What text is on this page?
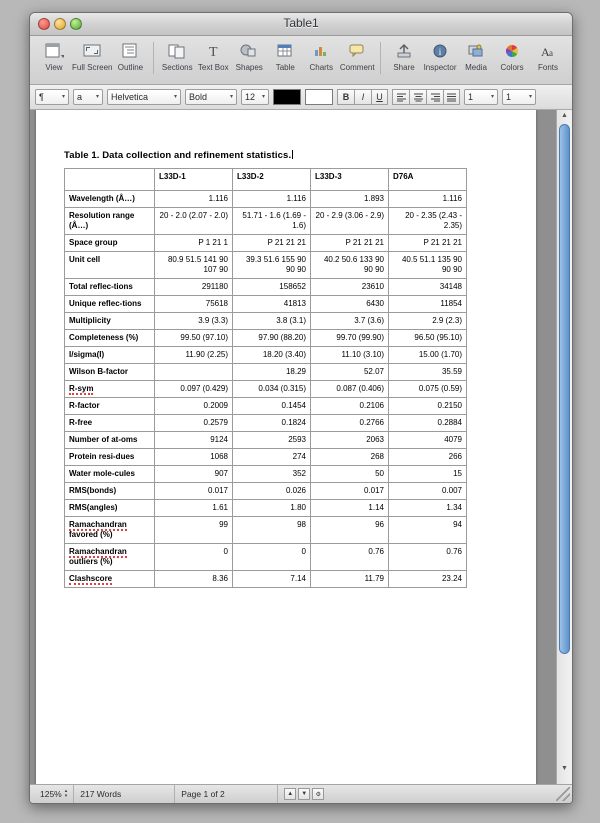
Table1
View Full Screen Outline Sections
T
Text Box Shapes Table Charts Comment Share
i
Inspector Media Colors
A a
Fonts
¶	▾ a	▾ Helvetica	▾ Bold	▾ 12	▾	B	I	U	1	▾ 1	▾
Table 1. Data collection and refinement statistics.
	L33D-1	L33D-2	L33D-3	D76A
Wavelength (Å…)	1.116	1.116	1.893	1.116
Resolution range (Å…)	20 - 2.0 (2.07 - 2.0)	51.71 - 1.6 (1.69 - 1.6)	20 - 2.9 (3.06 - 2.9)	20 - 2.35 (2.43 - 2.35)
Space group	P 1 21 1	P 21 21 21	P 21 21 21	P 21 21 21
Unit cell	80.9 51.5 141 90 107 90	39.3 51.6 155 90 90 90	40.2 50.6 133 90 90 90	40.5 51.1 135 90 90 90
Total reflec-tions	291180	158652	23610	34148
Unique reflec-tions	75618	41813	6430	11854
Multiplicity	3.9 (3.3)	3.8 (3.1)	3.7 (3.6)	2.9 (2.3)
Completeness (%)	99.50 (97.10)	97.90 (88.20)	99.70 (99.90)	96.50 (95.10)
I/sigma(I)	11.90 (2.25)	18.20 (3.40)	11.10 (3.10)	15.00 (1.70)
Wilson B-factor		18.29	52.07	35.59
R-sym	0.097 (0.429)	0.034 (0.315)	0.087 (0.406)	0.075 (0.59)
R-factor	0.2009	0.1454	0.2106	0.2150
R-free	0.2579	0.1824	0.2766	0.2884
Number of at-oms	9124	2593	2063	4079
Protein resi-dues	1068	274	268	266
Water mole-cules	907	352	50	15
RMS(bonds)	0.017	0.026	0.017	0.007
RMS(angles)	1.61	1.80	1.14	1.34
Ramachandran favored (%)	99	98	96	94
Ramachandran outliers (%)	0	0	0.76	0.76
Clashscore	8.36	7.14	11.79	23.24
▲
▼
125% ▴
▾	217 Words	Page 1 of 2	▲	▼	⚙
